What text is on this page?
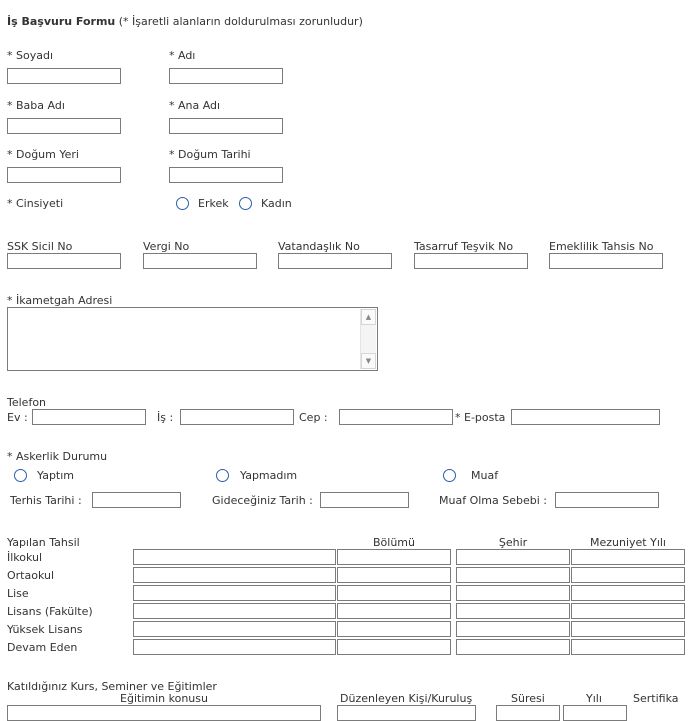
İş Başvuru Formu (* İşaretli alanların doldurulması zorunludur)
* Soyadı	* Adı
* Baba Adı	* Ana Adı
* Doğum Yeri	* Doğum Tarihi
* Cinsiyeti	Erkek	Kadın
SSK Sicil No	Vergi No	Vatandaşlık No	Tasarruf Teşvik No	Emeklilik Tahsis No
* İkametgah Adresi
▲
▼
Telefon
Ev :	İş :	Cep :	* E-posta
* Askerlik Durumu
Yaptım	Yapmadım	Muaf
Terhis Tarihi :	Gideceğiniz Tarih :	Muaf Olma Sebebi :
Yapılan Tahsil	Bölümü	Şehir	Mezuniyet Yılı
İlkokul
Ortaokul
Lise
Lisans (Fakülte)
Yüksek Lisans
Devam Eden
Katıldığınız Kurs, Seminer ve Eğitimler
Eğitimin konusu	Düzenleyen Kişi/Kuruluş	Süresi	Yılı	Sertifika
